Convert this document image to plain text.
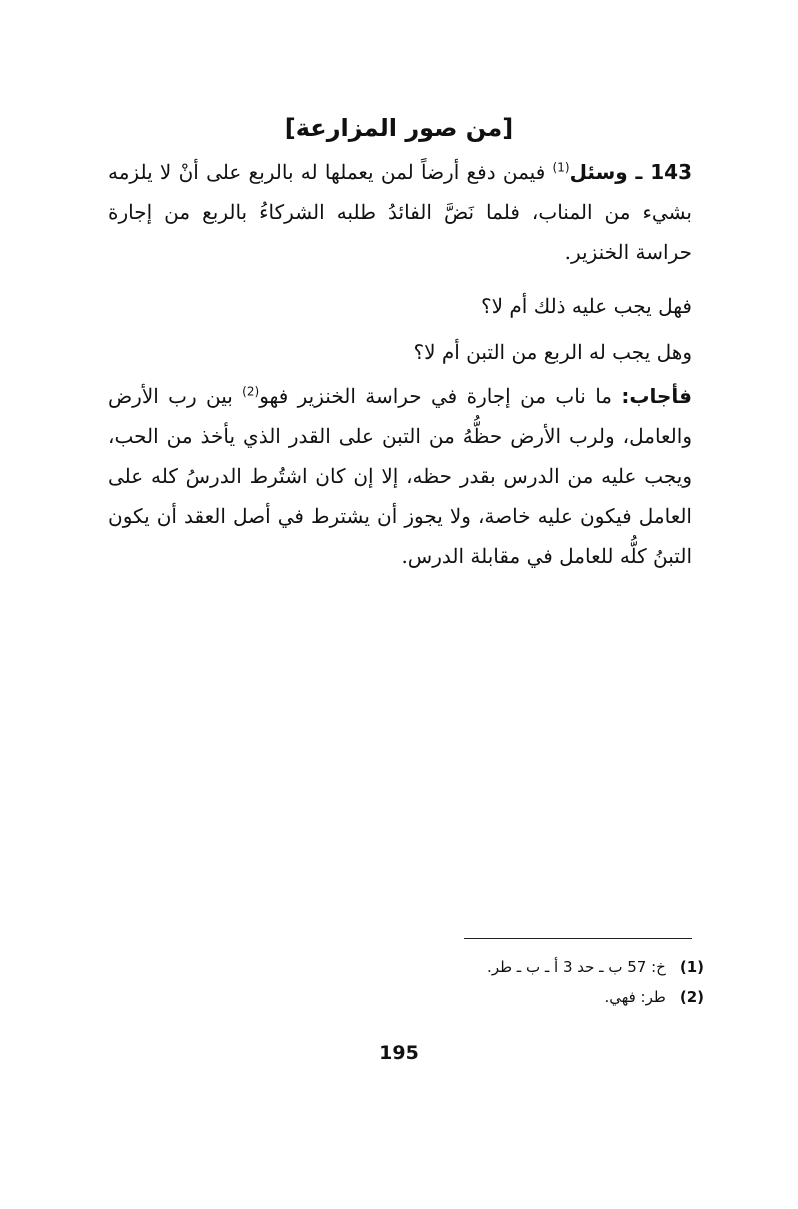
[من صور المزارعة]

143 ـ وسئل$^{(1)}$ فيمن دفع أرضاً لمن يعملها له بالربع على أنْ لا يلزمه بشيء من المناب، فلما نَضَّ الفائدُ طلبه الشركاءُ بالربع من إجارة حراسة الخنزير.

فهل يجب عليه ذلك أم لا؟

وهل يجب له الربع من التبن أم لا؟

فأجاب: ما ناب من إجارة في حراسة الخنزير فهو$^{(2)}$ بين رب الأرض والعامل، ولرب الأرض حظُّهُ من التبن على القدر الذي يأخذ من الحب، ويجب عليه من الدرس بقدر حظه، إلا إن كان اشتُرط الدرسُ كله على العامل فيكون عليه خاصة، ولا يجوز أن يشترط في أصل العقد أن يكون التبنُ كلُّه للعامل في مقابلة الدرس.

(1)
خ: 57 ب ـ حد 3 أ ـ ب ـ طر.
(2)
طر: فهي.
195
